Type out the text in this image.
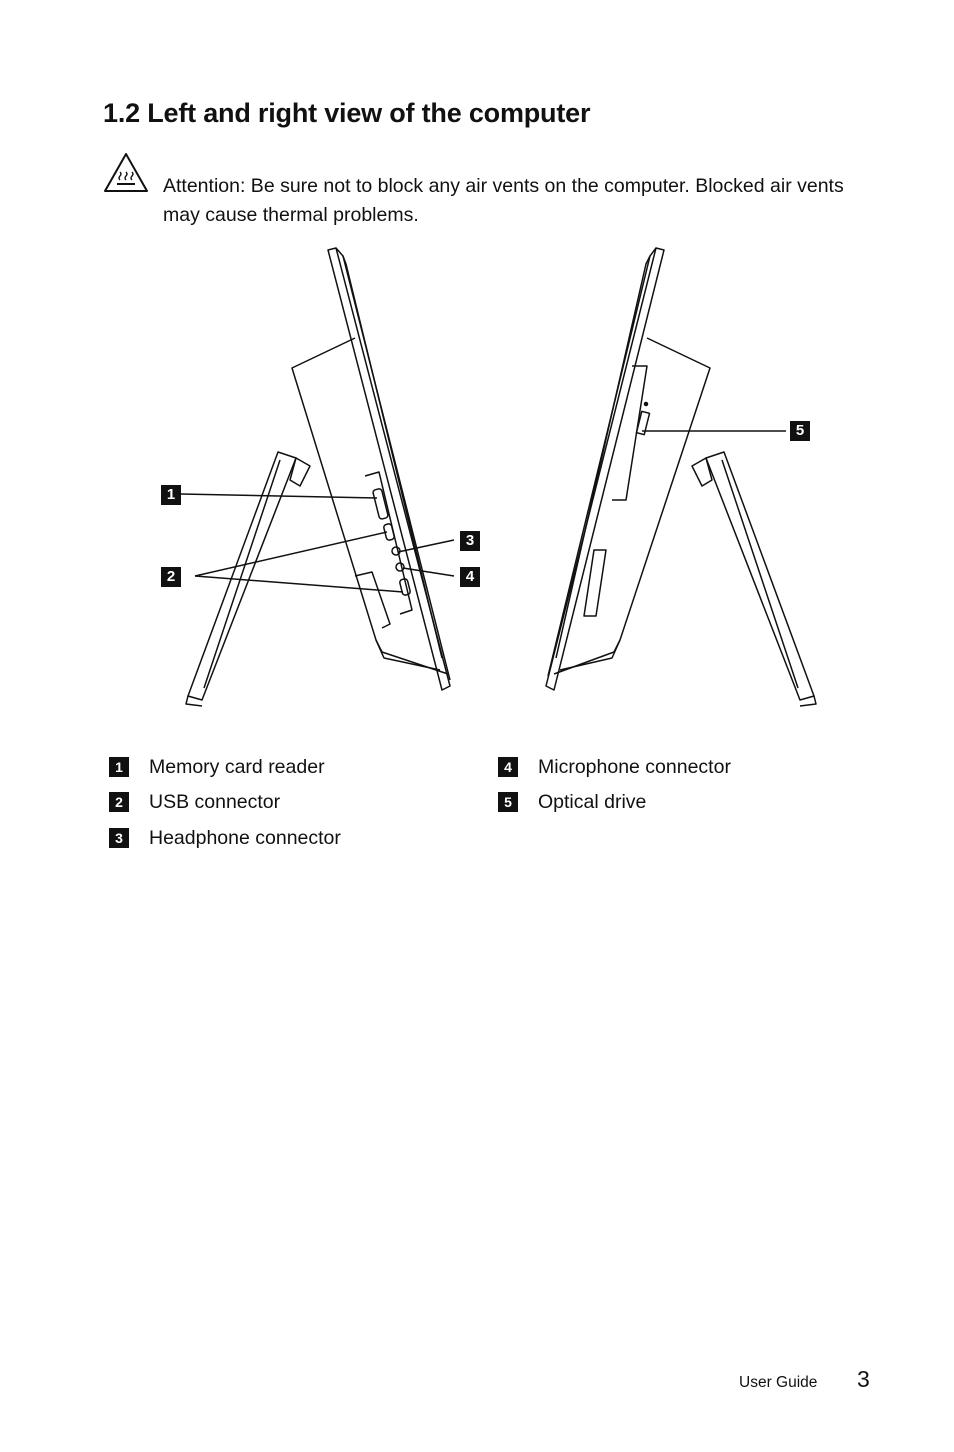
1.2 Left and right view of the computer
Attention: Be sure not to block any air vents on the computer. Blocked air vents may cause thermal problems.
1
2
3
4
5
1	Memory card reader
2	USB connector
3	Headphone connector
4	Microphone connector
5	Optical drive
User Guide 3
